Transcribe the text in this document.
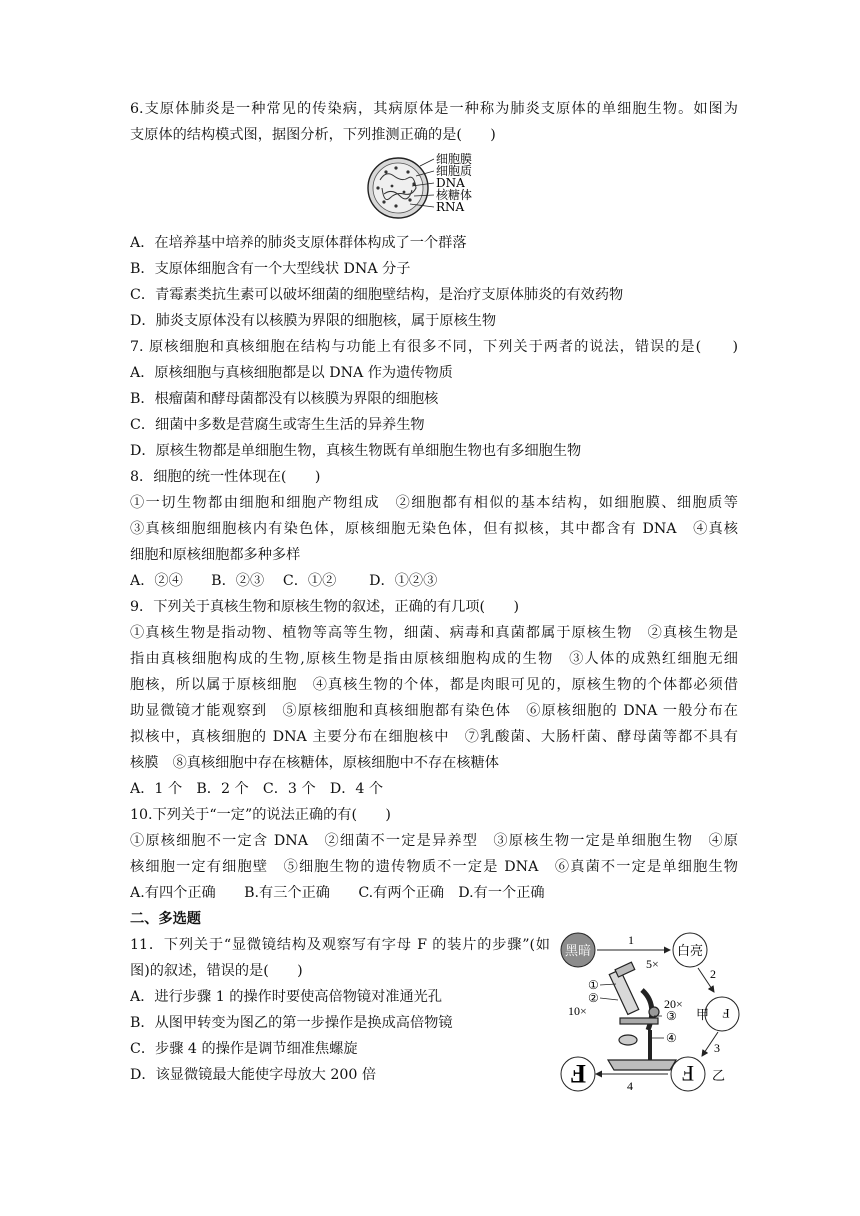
6.支原体肺炎是一种常见的传染病，其病原体是一种称为肺炎支原体的单细胞生物。如图为
支原体的结构模式图，据图分析，下列推测正确的是(　　)
细胞膜
细胞质
DNA
核糖体
RNA
A．在培养基中培养的肺炎支原体群体构成了一个群落
B．支原体细胞含有一个大型线状 DNA 分子
C．青霉素类抗生素可以破坏细菌的细胞壁结构，是治疗支原体肺炎的有效药物
D．肺炎支原体没有以核膜为界限的细胞核，属于原核生物
7. 原核细胞和真核细胞在结构与功能上有很多不同，下列关于两者的说法，错误的是(　　)
A．原核细胞与真核细胞都是以 DNA 作为遗传物质
B．根瘤菌和酵母菌都没有以核膜为界限的细胞核
C．细菌中多数是营腐生或寄生生活的异养生物
D．原核生物都是单细胞生物，真核生物既有单细胞生物也有多细胞生物
8．细胞的统一性体现在(　　)
①一切生物都由细胞和细胞产物组成　②细胞都有相似的基本结构，如细胞膜、细胞质等
③真核细胞细胞核内有染色体，原核细胞无染色体，但有拟核，其中都含有 DNA　④真核
细胞和原核细胞都多种多样
A．②④　　B．②③　 C．①②　　 D．①②③
9．下列关于真核生物和原核生物的叙述，正确的有几项(　　)
①真核生物是指动物、植物等高等生物，细菌、病毒和真菌都属于原核生物　②真核生物是
指由真核细胞构成的生物,原核生物是指由原核细胞构成的生物　③人体的成熟红细胞无细
胞核，所以属于原核细胞　④真核生物的个体，都是肉眼可见的，原核生物的个体都必须借
助显微镜才能观察到　⑤原核细胞和真核细胞都有染色体　⑥原核细胞的 DNA 一般分布在
拟核中，真核细胞的 DNA 主要分布在细胞核中　⑦乳酸菌、大肠杆菌、酵母菌等都不具有
核膜　⑧真核细胞中存在核糖体，原核细胞中不存在核糖体
A．1 个　B．2 个　C．3 个　D．4 个
10.下列关于“一定”的说法正确的有(　　)
①原核细胞不一定含 DNA　②细菌不一定是异养型　③原核生物一定是单细胞生物　④原
核细胞一定有细胞壁　⑤细胞生物的遗传物质不一定是 DNA　⑥真菌不一定是单细胞生物
A.有四个正确　　B.有三个正确　　C.有两个正确　D.有一个正确
二、多选题
11．下列关于“显微镜结构及观察写有字母 F 的装片的步骤”(如
图)的叙述，错误的是(　　)
A．进行步骤 1 的操作时要使高倍物镜对准通光孔
B．从图甲转变为图乙的第一步操作是换成高倍物镜
C．步骤 4 的操作是调节细准焦螺旋
D．该显微镜最大能使字母放大 200 倍
黑暗	白亮
1
5×
2
①
②
10×	20×
③
④
F
甲
3
F 乙
4
F
